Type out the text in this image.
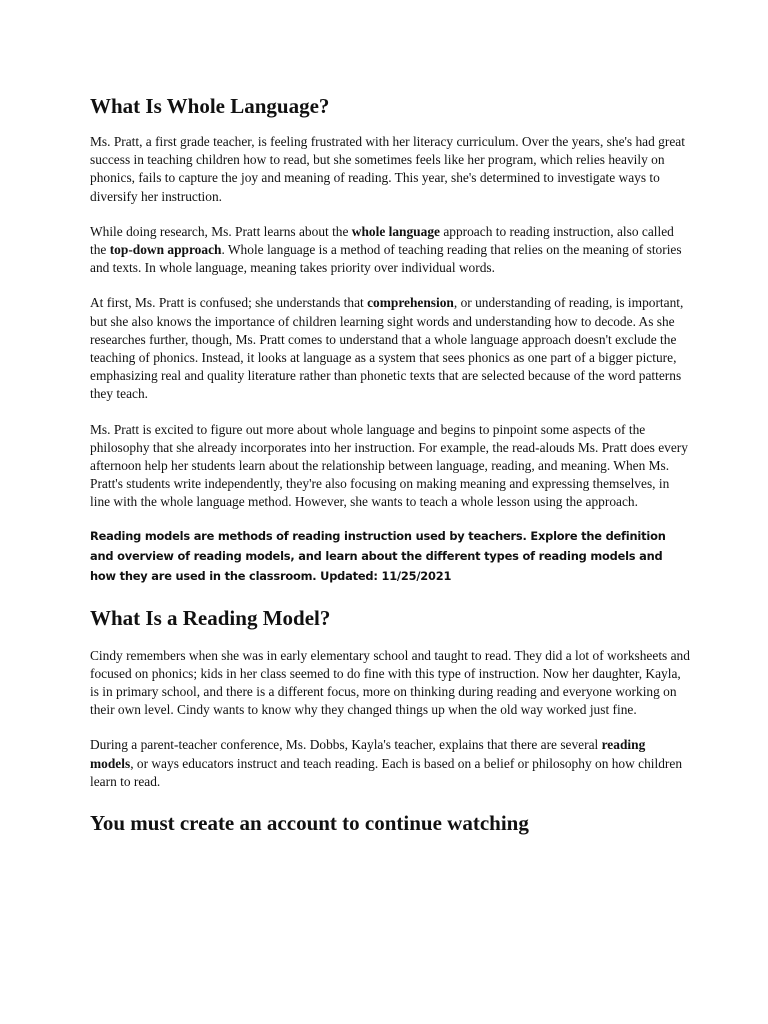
What Is Whole Language?

Ms. Pratt, a first grade teacher, is feeling frustrated with her literacy curriculum. Over the years, she's had great success in teaching children how to read, but she sometimes feels like her program, which relies heavily on phonics, fails to capture the joy and meaning of reading. This year, she's determined to investigate ways to diversify her instruction.

While doing research, Ms. Pratt learns about the whole language approach to reading instruction, also called the top-down approach. Whole language is a method of teaching reading that relies on the meaning of stories and texts. In whole language, meaning takes priority over individual words.

At first, Ms. Pratt is confused; she understands that comprehension, or understanding of reading, is important, but she also knows the importance of children learning sight words and understanding how to decode. As she researches further, though, Ms. Pratt comes to understand that a whole language approach doesn't exclude the teaching of phonics. Instead, it looks at language as a system that sees phonics as one part of a bigger picture, emphasizing real and quality literature rather than phonetic texts that are selected because of the word patterns they teach.

Ms. Pratt is excited to figure out more about whole language and begins to pinpoint some aspects of the philosophy that she already incorporates into her instruction. For example, the read-alouds Ms. Pratt does every afternoon help her students learn about the relationship between language, reading, and meaning. When Ms. Pratt's students write independently, they're also focusing on making meaning and expressing themselves, in line with the whole language method. However, she wants to teach a whole lesson using the approach.

Reading models are methods of reading instruction used by teachers. Explore the definition and overview of reading models, and learn about the different types of reading models and how they are used in the classroom. Updated: 11/25/2021

What Is a Reading Model?

Cindy remembers when she was in early elementary school and taught to read. They did a lot of worksheets and focused on phonics; kids in her class seemed to do fine with this type of instruction. Now her daughter, Kayla, is in primary school, and there is a different focus, more on thinking during reading and everyone working on their own level. Cindy wants to know why they changed things up when the old way worked just fine.

During a parent-teacher conference, Ms. Dobbs, Kayla's teacher, explains that there are several reading models, or ways educators instruct and teach reading. Each is based on a belief or philosophy on how children learn to read.

You must create an account to continue watching
